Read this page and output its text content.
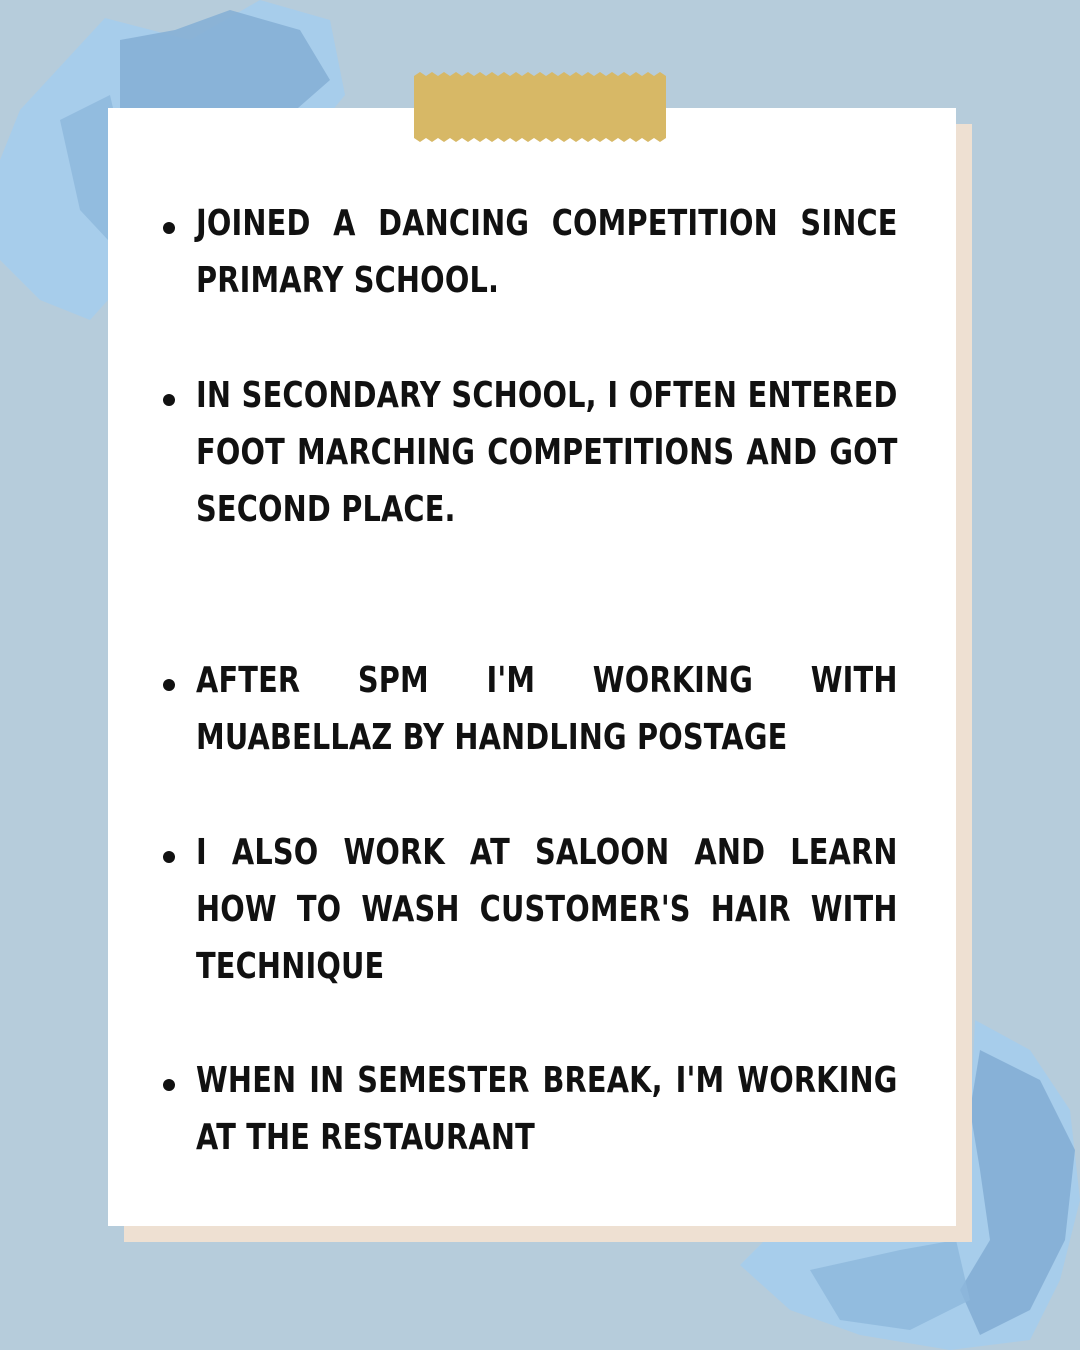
JOINED A DANCING COMPETITION SINCE PRIMARY SCHOOL.

IN SECONDARY SCHOOL, I OFTEN ENTERED FOOT MARCHING COMPETITIONS AND GOT SECOND PLACE.

AFTER SPM I'M WORKING WITH MUABELLAZ BY HANDLING POSTAGE

I ALSO WORK AT SALOON AND LEARN HOW TO WASH CUSTOMER'S HAIR WITH TECHNIQUE

WHEN IN SEMESTER BREAK, I'M WORKING AT THE RESTAURANT
